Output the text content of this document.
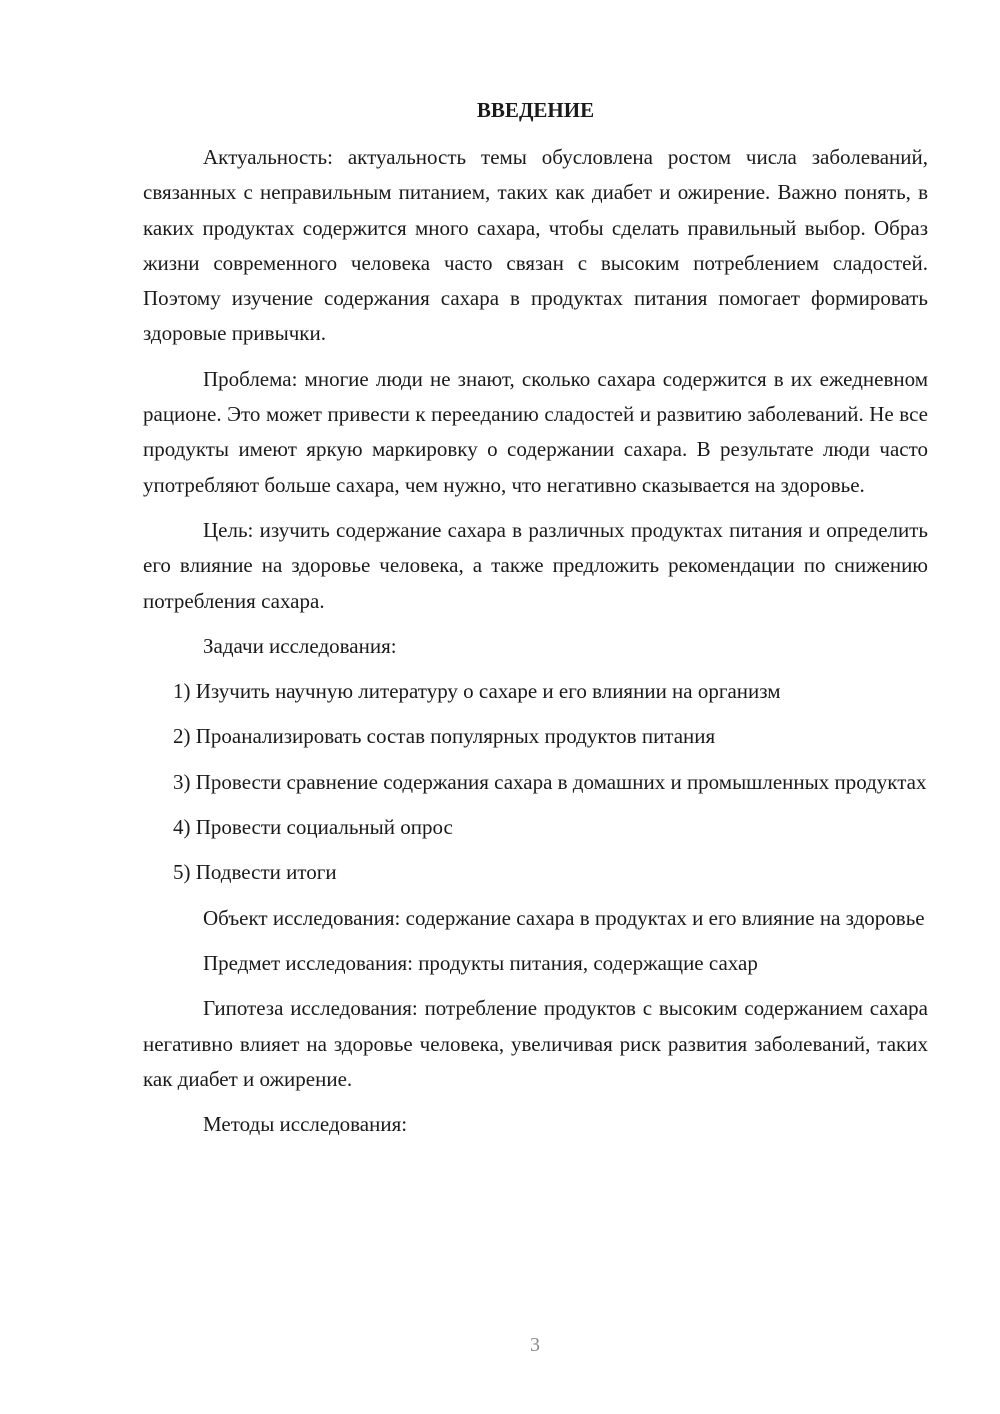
ВВЕДЕНИЕ

Актуальность: актуальность темы обусловлена ростом числа заболеваний, связанных с неправильным питанием, таких как диабет и ожирение. Важно понять, в каких продуктах содержится много сахара, чтобы сделать правильный выбор. Образ жизни современного человека часто связан с высоким потреблением сладостей. Поэтому изучение содержания сахара в продуктах питания помогает формировать здоровые привычки.

Проблема: многие люди не знают, сколько сахара содержится в их ежедневном рационе. Это может привести к перееданию сладостей и развитию заболеваний. Не все продукты имеют яркую маркировку о содержании сахара. В результате люди часто употребляют больше сахара, чем нужно, что негативно сказывается на здоровье.

Цель: изучить содержание сахара в различных продуктах питания и определить его влияние на здоровье человека, а также предложить рекомендации по снижению потребления сахара.

Задачи исследования:

1) Изучить научную литературу о сахаре и его влиянии на организм

2) Проанализировать состав популярных продуктов питания

3) Провести сравнение содержания сахара в домашних и промышленных продуктах

4) Провести социальный опрос

5) Подвести итоги

Объект исследования: содержание сахара в продуктах и его влияние на здоровье

Предмет исследования: продукты питания, содержащие сахар

Гипотеза исследования: потребление продуктов с высоким содержанием сахара негативно влияет на здоровье человека, увеличивая риск развития заболеваний, таких как диабет и ожирение.

Методы исследования:

3
